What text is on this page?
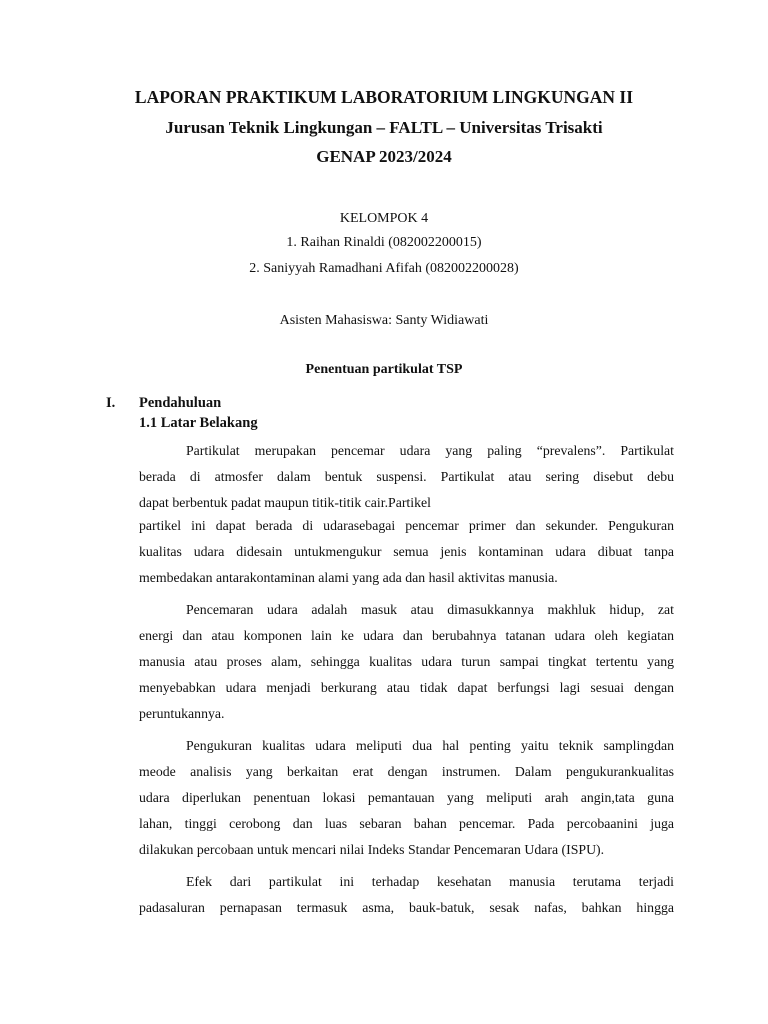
LAPORAN PRAKTIKUM LABORATORIUM LINGKUNGAN II
Jurusan Teknik Lingkungan – FALTL – Universitas Trisakti
GENAP 2023/2024
KELOMPOK 4
1. Raihan Rinaldi (082002200015)
2. Saniyyah Ramadhani Afifah (082002200028)
Asisten Mahasiswa: Santy Widiawati
Penentuan partikulat TSP
I. Pendahuluan
1.1 Latar Belakang
Partikulat merupakan pencemar udara yang paling “prevalens”. Partikulat
berada di atmosfer dalam bentuk suspensi. Partikulat atau sering disebut debu
dapat berbentuk padat maupun titik-titik cair.Partikel
partikel ini dapat berada di udarasebagai pencemar primer dan sekunder. Pengukuran
kualitas udara didesain untukmengukur semua jenis kontaminan udara dibuat tanpa
membedakan antarakontaminan alami yang ada dan hasil aktivitas manusia.
Pencemaran udara adalah masuk atau dimasukkannya makhluk hidup, zat
energi dan atau komponen lain ke udara dan berubahnya tatanan udara oleh kegiatan
manusia atau proses alam, sehingga kualitas udara turun sampai tingkat tertentu yang
menyebabkan udara menjadi berkurang atau tidak dapat berfungsi lagi sesuai dengan
peruntukannya.
Pengukuran kualitas udara meliputi dua hal penting yaitu teknik samplingdan
meode analisis yang berkaitan erat dengan instrumen. Dalam pengukurankualitas
udara diperlukan penentuan lokasi pemantauan yang meliputi arah angin,tata guna
lahan, tinggi cerobong dan luas sebaran bahan pencemar. Pada percobaanini juga
dilakukan percobaan untuk mencari nilai Indeks Standar Pencemaran Udara (ISPU).
Efek dari partikulat ini terhadap kesehatan manusia terutama terjadi
padasaluran pernapasan termasuk asma, bauk-batuk, sesak nafas, bahkan hingga
